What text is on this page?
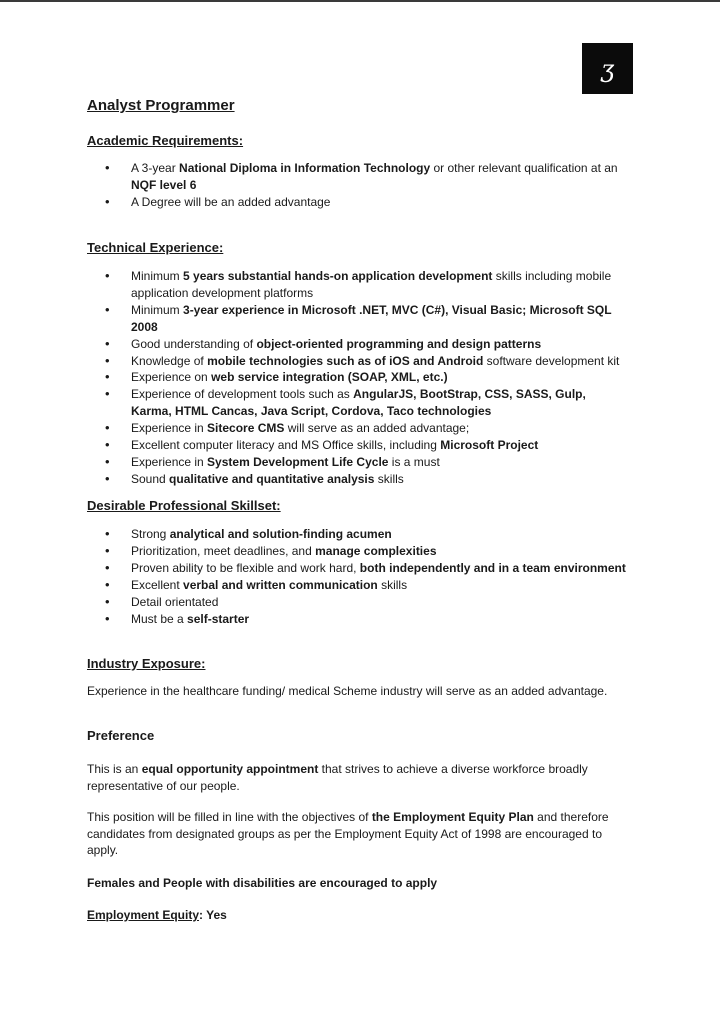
ʒ
Analyst Programmer
Academic Requirements:
• A 3-year National Diploma in Information Technology or other relevant qualification at an
NQF level 6
• A Degree will be an added advantage
Technical Experience:
• Minimum 5 years substantial hands-on application development skills including mobile application development platforms
• Minimum 3-year experience in Microsoft .NET, MVC (C#), Visual Basic; Microsoft SQL 2008
• Good understanding of object-oriented programming and design patterns
• Knowledge of mobile technologies such as of iOS and Android software development kit
• Experience on web service integration (SOAP, XML, etc.)
• Experience of development tools such as AngularJS, BootStrap, CSS, SASS, Gulp, Karma, HTML Cancas, Java Script, Cordova, Taco technologies
• Experience in Sitecore CMS will serve as an added advantage;
• Excellent computer literacy and MS Office skills, including Microsoft Project
• Experience in System Development Life Cycle is a must
• Sound qualitative and quantitative analysis skills
Desirable Professional Skillset:
• Strong analytical and solution-finding acumen
• Prioritization, meet deadlines, and manage complexities
• Proven ability to be flexible and work hard, both independently and in a team environment
• Excellent verbal and written communication skills
• Detail orientated
• Must be a self-starter
Industry Exposure:
Experience in the healthcare funding/ medical Scheme industry will serve as an added advantage.
Preference
This is an equal opportunity appointment that strives to achieve a diverse workforce broadly representative of our people.
This position will be filled in line with the objectives of the Employment Equity Plan and therefore candidates from designated groups as per the Employment Equity Act of 1998 are encouraged to apply.
Females and People with disabilities are encouraged to apply
Employment Equity: Yes
